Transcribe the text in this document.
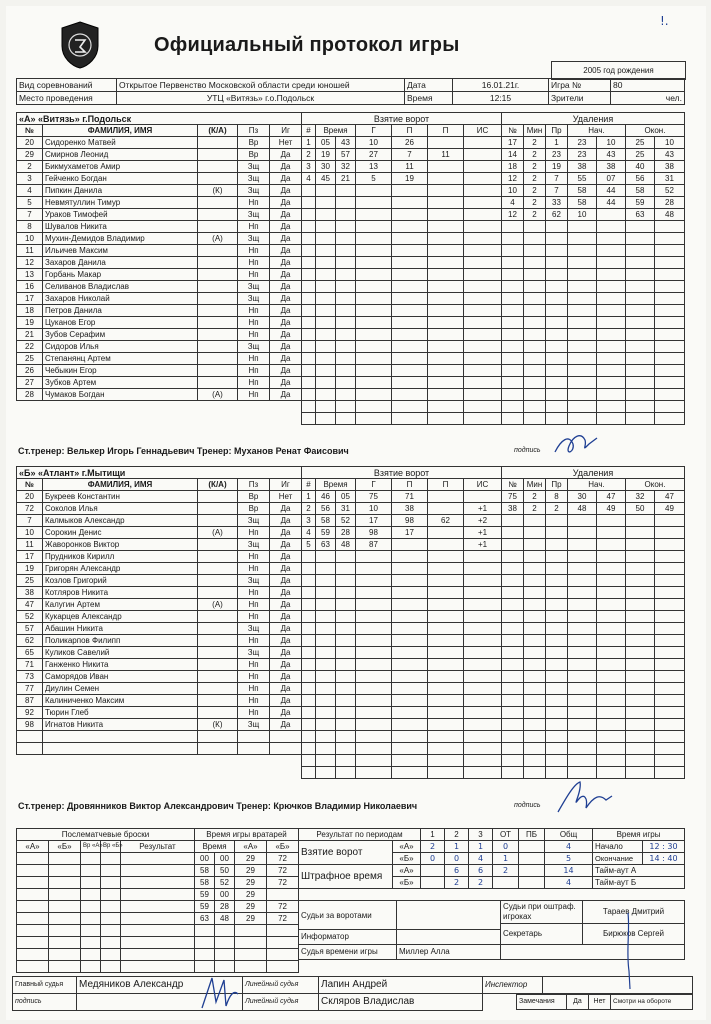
Официальный протокол игры
!.
2005 год рождения
Вид соревнований	Открытое Первенство Московской области среди юношей	Дата	16.01.21г.	Игра №	80
Место проведения	УТЦ «Витязь» г.о.Подольск	Время	12:15	Зрители	чел.
«А» «Витязь» г.Подольск				
№	ФАМИЛИЯ, ИМЯ	(К/А)	Пз	Иг
20	Сидоренко Матвей		Вр	Нет
29	Смирнов Леонид		Вр	Да
2	Бикмухаметов Амир		Зщ	Да
3	Гейченко Богдан		Зщ	Да
4	Пипкин Данила	(К)	Зщ	Да
5	Невмятуллин Тимур		Нп	Да
7	Ураков Тимофей		Зщ	Да
8	Шувалов Никита		Нп	Да
10	Мухин-Демидов Владимир	(А)	Зщ	Да
11	Ильичев Максим		Нп	Да
12	Захаров Данила		Нп	Да
13	Горбань Макар		Нп	Да
16	Селиванов Владислав		Зщ	Да
17	Захаров Николай		Зщ	Да
18	Петров Данила		Нп	Да
19	Цуканов Егор		Нп	Да
21	Зубов Серафим		Нп	Да
22	Сидоров Илья		Зщ	Да
25	Степанянц Артем		Нп	Да
26	Чебыкин Егор		Нп	Да
27	Зубков Артем		Нп	Да
28	Чумаков Богдан	(А)	Нп	Да
Взятие ворот						
#	Время		Г	П	П	ИС
1	05	43	10	26		
2	19	57	27	7	11	
3	30	32	13	11		
4	45	21	5	19		

Удаления						
№	Мин	Пр	Нач.		Окон.	
17	2	1	23	10	25	10
14	2	23	23	43	25	43
18	2	19	38	38	40	38
12	2	7	55	07	56	31
10	2	7	58	44	58	52
4	2	33	58	44	59	28
12	2	62	10		63	48

Ст.тренер: Велькер Игорь Геннадьевич Тренер: Муханов Ренат Фаисович	подпись
«Б» «Атлант» г.Мытищи				
№	ФАМИЛИЯ, ИМЯ	(К/А)	Пз	Иг
20	Букреев Константин		Вр	Нет
72	Соколов Илья		Вр	Да
7	Калмыков Александр		Зщ	Да
10	Сорокин Денис	(А)	Нп	Да
11	Жаворонков Виктор		Зщ	Да
17	Прудников Кирилл		Нп	Да
19	Григорян Александр		Нп	Да
25	Козлов Григорий		Зщ	Да
38	Котляров Никита		Нп	Да
47	Калугин Артем	(А)	Нп	Да
52	Кукарцев Александр		Нп	Да
57	Абашин Никита		Зщ	Да
62	Поликарпов Филипп		Нп	Да
65	Куликов Савелий		Зщ	Да
71	Ганженко Никита		Нп	Да
73	Саморядов Иван		Нп	Да
77	Диулин Семен		Нп	Да
87	Калиниченко Максим		Нп	Да
92	Тюрин Глеб		Нп	Да
98	Игнатов Никита	(К)	Зщ	Да

Взятие ворот						
#	Время		Г	П	П	ИС
1	46	05	75	71		
2	56	31	10	38		+1
3	58	52	17	98	62	+2
4	59	28	98	17		+1
5	63	48	87			+1

Удаления						
№	Мин	Пр	Нач.		Окон.	
75	2	8	30	47	32	47
38	2	2	48	49	50	49

Ст.тренер: Дровянников Виктор Александрович Тренер: Крючков Владимир Николаевич	подпись
Послематчевые броски				
«А»	«Б»	Вр «А»	Вр «Б»	Результат

Время игры вратарей			
Время		«А»	«Б»
00	00	29	72
58	50	29	72
58	52	29	72
59	00	29	
59	28	29	72
63	48	29	72

Результат по периодам		1	2	3	ОТ	ПБ	Общ
Взятие ворот	«А»	2	1	1	0		4
	«Б»	0	0	4	1		5
Штрафное время	«А»		6	6	2		14
	«Б»		2	2			4
Время игры	
Начало	12 : 30
Окончание	14 : 40
Тайм-аут А	
Тайм-аут Б	
Судьи за воротами		Судьи при оштраф. игроках	Тараев Дмитрий
		Секретарь	Бирюков Сергей
Информатор			
Судья времени игры	Миллер Алла		
Главный судья	Медяников Александр	Линейный судья	Лапин Андрей
подпись		Линейный судья	Скляров Владислав
Инспектор	
Замечания	Да	Нет	Смотри на обороте
